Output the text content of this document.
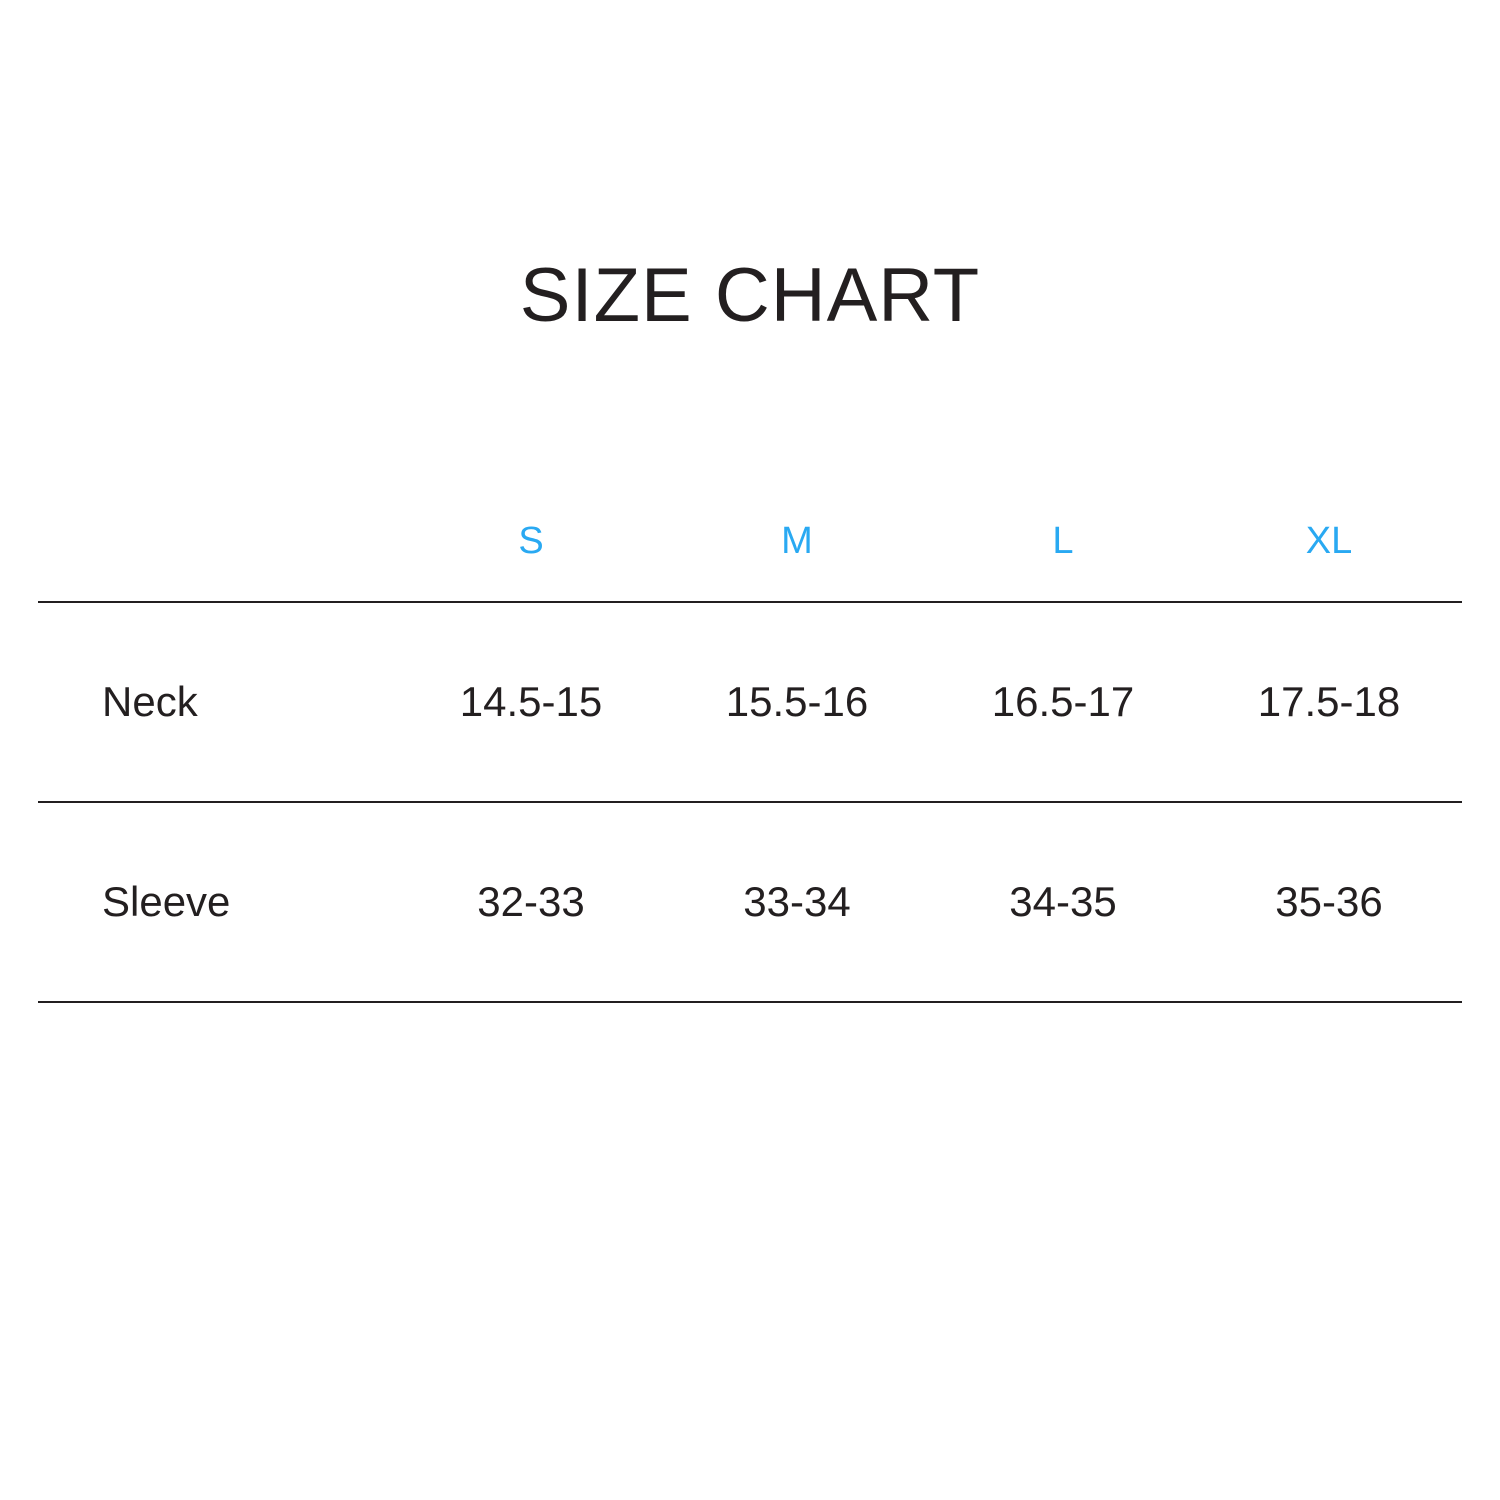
SIZE CHART
	S	M	L	XL
Neck	14.5-15	15.5-16	16.5-17	17.5-18
Sleeve	32-33	33-34	34-35	35-36
